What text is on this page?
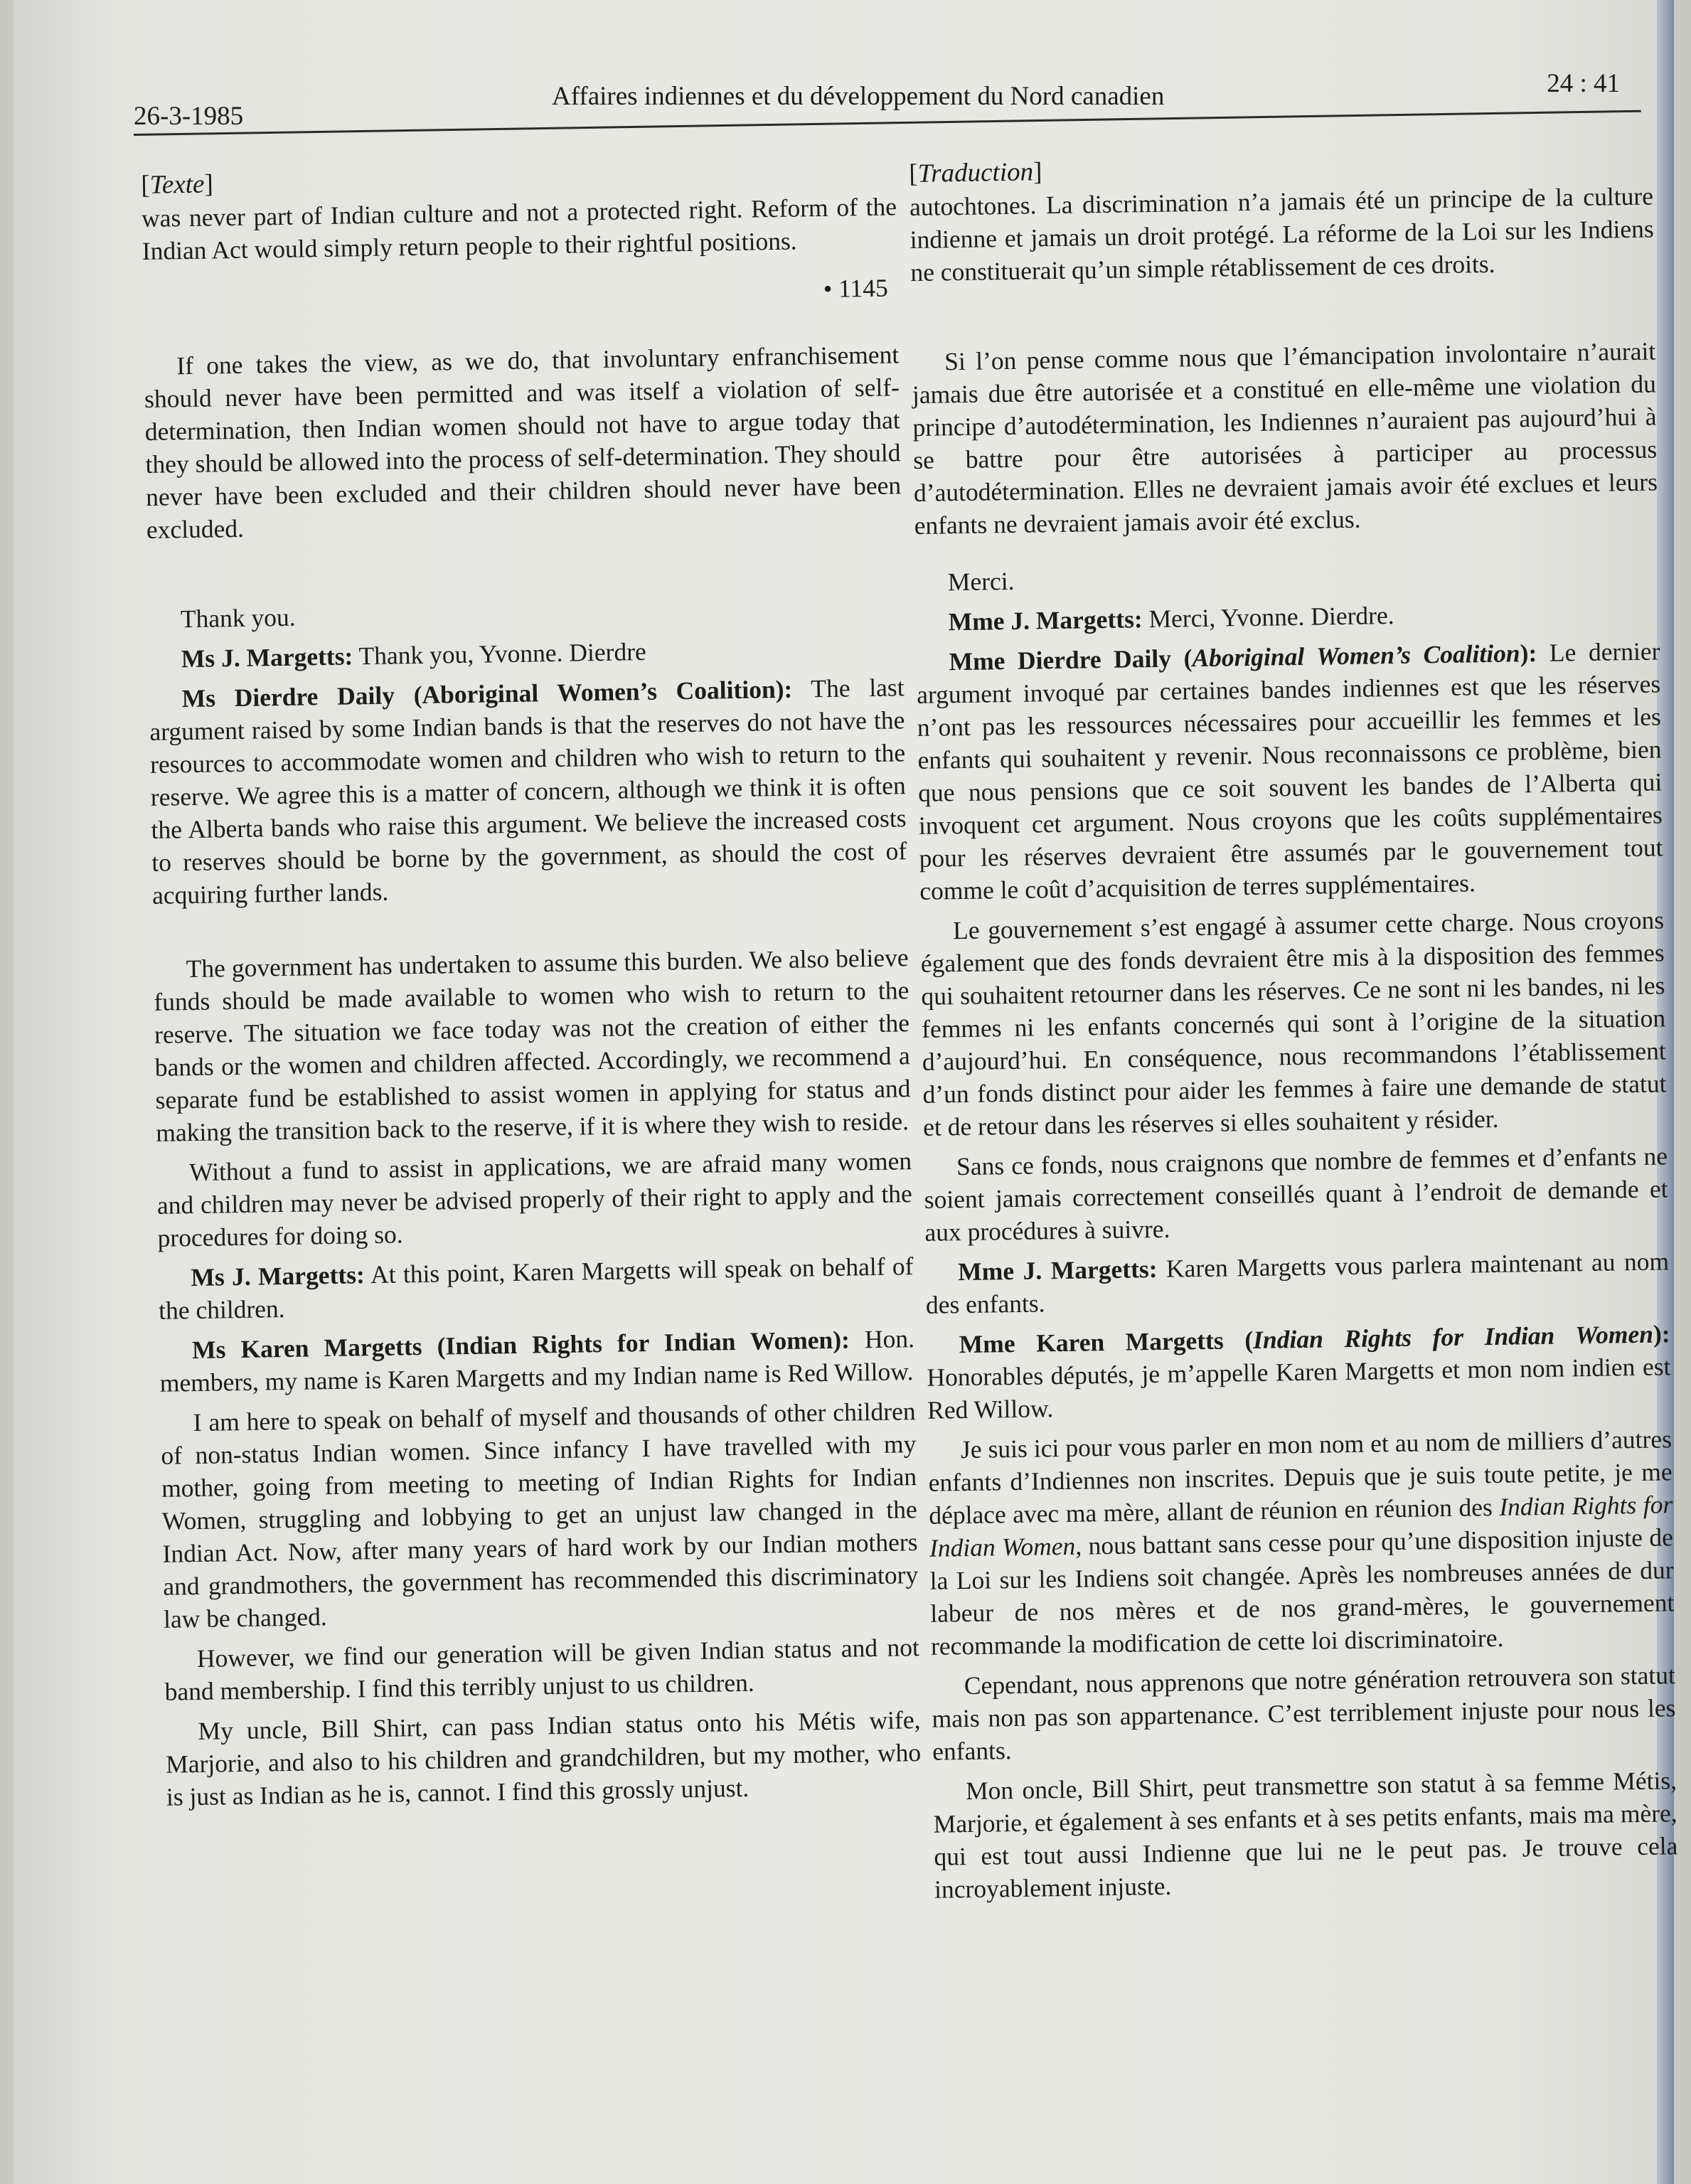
26-3-1985
Affaires indiennes et du développement du Nord canadien	24 : 41
[Texte]

was never part of Indian culture and not a protected right. Reform of the Indian Act would simply return people to their rightful positions.

• 1145

If one takes the view, as we do, that involuntary enfranchisement should never have been permitted and was itself a violation of self-determination, then Indian women should not have to argue today that they should be allowed into the process of self-determination. They should never have been excluded and their children should never have been excluded.

Thank you.

Ms J. Margetts: Thank you, Yvonne. Dierdre

Ms Dierdre Daily (Aboriginal Women’s Coalition): The last argument raised by some Indian bands is that the reserves do not have the resources to accommodate women and children who wish to return to the reserve. We agree this is a matter of concern, although we think it is often the Alberta bands who raise this argument. We believe the increased costs to reserves should be borne by the government, as should the cost of acquiring further lands.

The government has undertaken to assume this burden. We also believe funds should be made available to women who wish to return to the reserve. The situation we face today was not the creation of either the bands or the women and children affected. Accordingly, we recommend a separate fund be established to assist women in applying for status and making the transition back to the reserve, if it is where they wish to reside.

Without a fund to assist in applications, we are afraid many women and children may never be advised properly of their right to apply and the procedures for doing so.

Ms J. Margetts: At this point, Karen Margetts will speak on behalf of the children.

Ms Karen Margetts (Indian Rights for Indian Women): Hon. members, my name is Karen Margetts and my Indian name is Red Willow.

I am here to speak on behalf of myself and thousands of other children of non-status Indian women. Since infancy I have travelled with my mother, going from meeting to meeting of Indian Rights for Indian Women, struggling and lobbying to get an unjust law changed in the Indian Act. Now, after many years of hard work by our Indian mothers and grandmothers, the government has recommended this discriminatory law be changed.

However, we find our generation will be given Indian status and not band membership. I find this terribly unjust to us children.

My uncle, Bill Shirt, can pass Indian status onto his Métis wife, Marjorie, and also to his children and grandchildren, but my mother, who is just as Indian as he is, cannot. I find this grossly unjust.

[Traduction]

autochtones. La discrimination n’a jamais été un principe de la culture indienne et jamais un droit protégé. La réforme de la Loi sur les Indiens ne constituerait qu’un simple rétablissement de ces droits.

Si l’on pense comme nous que l’émancipation involontaire n’aurait jamais due être autorisée et a constitué en elle-même une violation du principe d’autodétermination, les Indiennes n’auraient pas aujourd’hui à se battre pour être autorisées à participer au processus d’autodétermination. Elles ne devraient jamais avoir été exclues et leurs enfants ne devraient jamais avoir été exclus.

Merci.

Mme J. Margetts: Merci, Yvonne. Dierdre.

Mme Dierdre Daily (Aboriginal Women’s Coalition): Le dernier argument invoqué par certaines bandes indiennes est que les réserves n’ont pas les ressources nécessaires pour accueillir les femmes et les enfants qui souhaitent y revenir. Nous reconnaissons ce problème, bien que nous pensions que ce soit souvent les bandes de l’Alberta qui invoquent cet argument. Nous croyons que les coûts supplémentaires pour les réserves devraient être assumés par le gouvernement tout comme le coût d’acquisition de terres supplémentaires.

Le gouvernement s’est engagé à assumer cette charge. Nous croyons également que des fonds devraient être mis à la disposition des femmes qui souhaitent retourner dans les réserves. Ce ne sont ni les bandes, ni les femmes ni les enfants concernés qui sont à l’origine de la situation d’aujourd’hui. En conséquence, nous recommandons l’établissement d’un fonds distinct pour aider les femmes à faire une demande de statut et de retour dans les réserves si elles souhaitent y résider.

Sans ce fonds, nous craignons que nombre de femmes et d’enfants ne soient jamais correctement conseillés quant à l’endroit de demande et aux procédures à suivre.

Mme J. Margetts: Karen Margetts vous parlera maintenant au nom des enfants.

Mme Karen Margetts (Indian Rights for Indian Women): Honorables députés, je m’appelle Karen Margetts et mon nom indien est Red Willow.

Je suis ici pour vous parler en mon nom et au nom de milliers d’autres enfants d’Indiennes non inscrites. Depuis que je suis toute petite, je me déplace avec ma mère, allant de réunion en réunion des Indian Rights for Indian Women, nous battant sans cesse pour qu’une disposition injuste de la Loi sur les Indiens soit changée. Après les nombreuses années de dur labeur de nos mères et de nos grand-mères, le gouvernement recommande la modification de cette loi discriminatoire.

Cependant, nous apprenons que notre génération retrouvera son statut mais non pas son appartenance. C’est terriblement injuste pour nous les enfants.

Mon oncle, Bill Shirt, peut transmettre son statut à sa femme Métis, Marjorie, et également à ses enfants et à ses petits enfants, mais ma mère, qui est tout aussi Indienne que lui ne le peut pas. Je trouve cela incroyablement injuste.
